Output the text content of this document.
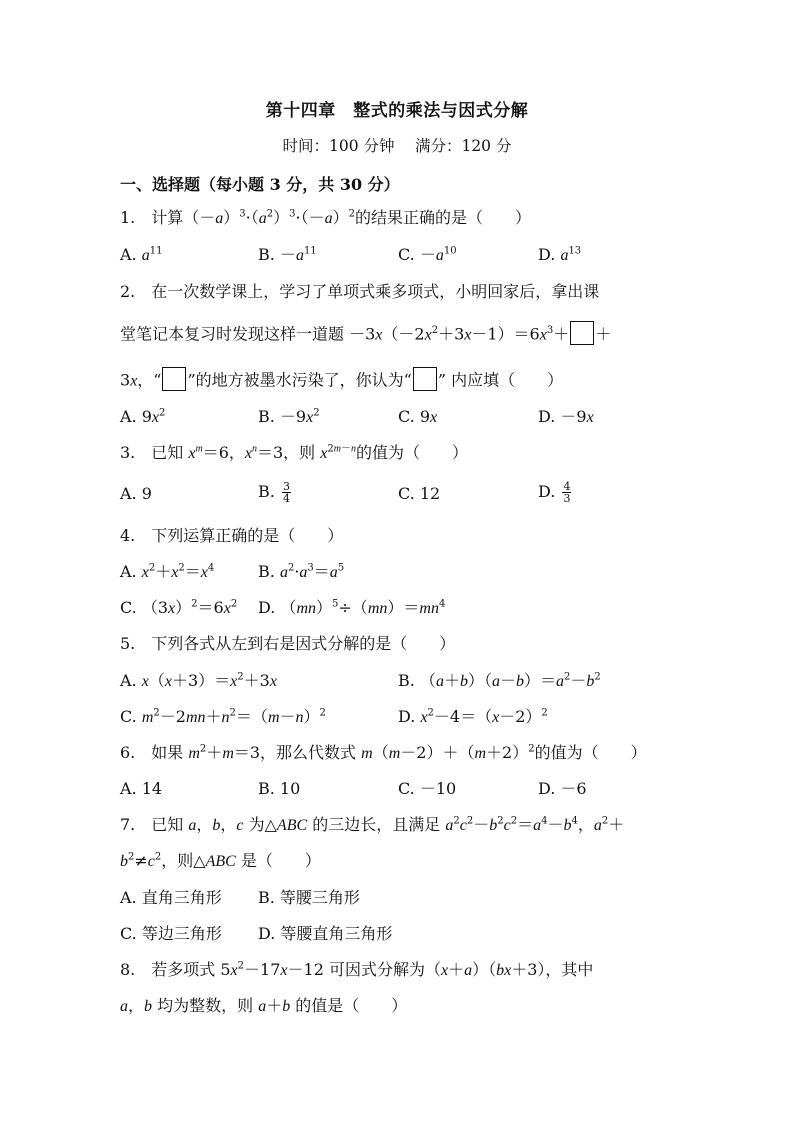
第十四章　整式的乘法与因式分解
时间：100 分钟　 满分：120 分
一、选择题（每小题 3 分，共 30 分）
1.　计算$(-a)^3\cdot(a^2)^3\cdot(-a)^2$的结果正确的是（　　）
A. $a^{11}$	B. $-a^{11}$	C. $-a^{10}$	D. $a^{13}$
2.　在一次数学课上，学习了单项式乘多项式，小明回家后，拿出课
堂笔记本复习时发现这样一道题 $-3x(-2x^2+3x-1)=6x^3+$ ＋
3x，“ ”的地方被墨水污染了，你认为“ ” 内应填（　　）
A. $9x^2$	B. $-9x^2$	C. 9x	D. －9x
3.　已知 $x^m=6$，$x^n=3$，则 $x^{2m-n}$的值为（　　）
A. 9	B. $\frac{3}{4}$	C. 12	D. $\frac{4}{3}$
4.　下列运算正确的是（　　）
A. $x^2+x^2=x^4$	B. $a^2\cdot a^3=a^5$
C. $(3x)^2=6x^2$ D. $(mn)^5\div(mn)=mn^4$
5.　下列各式从左到右是因式分解的是（　　）
A. $x(x+3)=x^2+3x$	B. $(a+b)(a-b)=a^2-b^2$
C. $m^2-2mn+n^2=(m-n)^2$	D. $x^2-4=(x-2)^2$
6.　如果 $m^2+m=3$，那么代数式 $m(m-2)+(m+2)^2$的值为（　　）
A. 14	B. 10	C. －10	D. －6
7.　已知 a，b，c 为△ABC 的三边长，且满足 $a^2c^2-b^2c^2=a^4-b^4$，$a^2+$
$b^2\ne c^2$，则△ABC 是（　　）
A. 直角三角形 B. 等腰三角形
C. 等边三角形 D. 等腰直角三角形
8.　若多项式 $5x^2-17x-12$ 可因式分解为（x＋a）（bx＋3），其中
a，b 均为整数，则 a＋b 的值是（　　）
